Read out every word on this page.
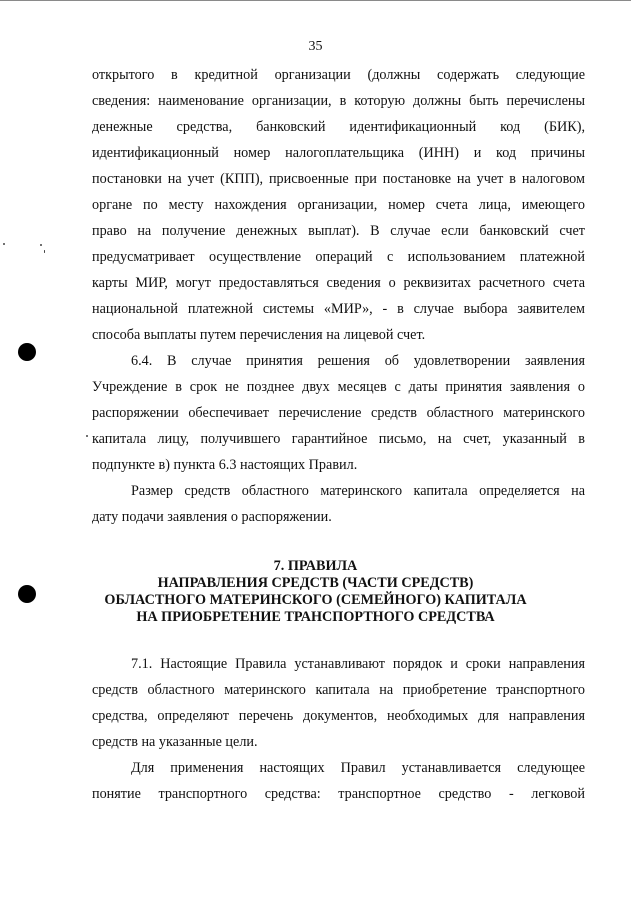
35
открытого в кредитной организации (должны содержать следующие
сведения: наименование организации, в которую должны быть перечислены
денежные средства, банковский идентификационный код (БИК),
идентификационный номер налогоплательщика (ИНН) и код причины
постановки на учет (КПП), присвоенные при постановке на учет в налоговом
органе по месту нахождения организации, номер счета лица, имеющего
право на получение денежных выплат). В случае если банковский счет
предусматривает осуществление операций с использованием платежной
карты МИР, могут предоставляться сведения о реквизитах расчетного счета
национальной платежной системы «МИР», - в случае выбора заявителем
способа выплаты путем перечисления на лицевой счет.
6.4. В случае принятия решения об удовлетворении заявления
Учреждение в срок не позднее двух месяцев с даты принятия заявления о
распоряжении обеспечивает перечисление средств областного материнского
капитала лицу, получившего гарантийное письмо, на счет, указанный в
подпункте в) пункта 6.3 настоящих Правил.
Размер средств областного материнского капитала определяется на
дату подачи заявления о распоряжении.
7. ПРАВИЛА
НАПРАВЛЕНИЯ СРЕДСТВ (ЧАСТИ СРЕДСТВ)
ОБЛАСТНОГО МАТЕРИНСКОГО (СЕМЕЙНОГО) КАПИТАЛА
НА ПРИОБРЕТЕНИЕ ТРАНСПОРТНОГО СРЕДСТВА
7.1. Настоящие Правила устанавливают порядок и сроки направления
средств областного материнского капитала на приобретение транспортного
средства, определяют перечень документов, необходимых для направления
средств на указанные цели.
Для применения настоящих Правил устанавливается следующее
понятие транспортного средства: транспортное средство - легковой
